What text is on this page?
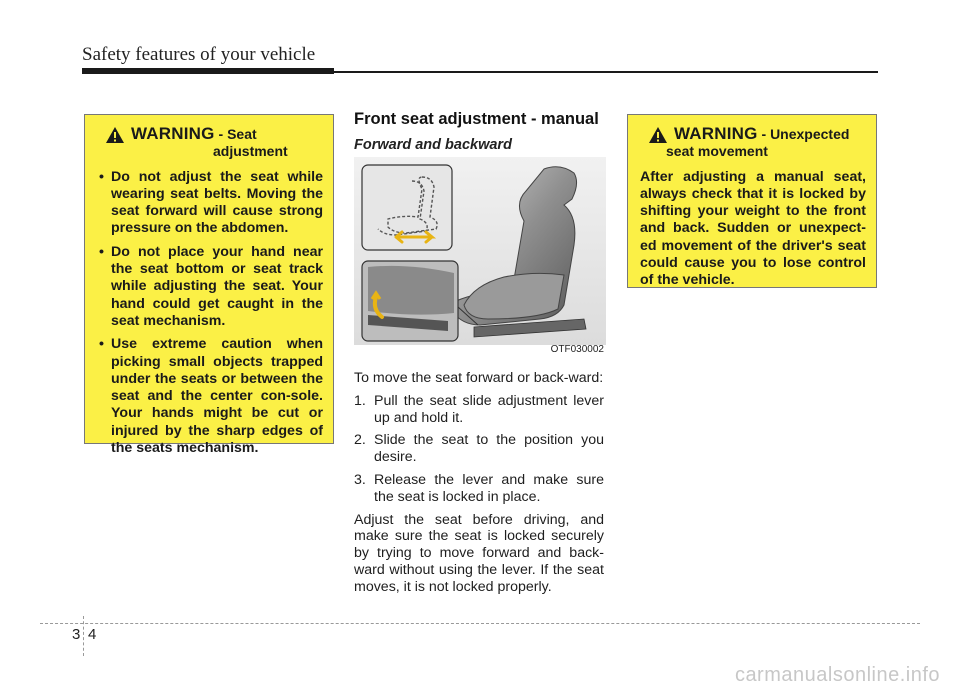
Safety features of your vehicle
WARNING - Seat
adjustment
• Do not adjust the seat while wearing seat belts. Moving the seat forward will cause strong pressure on the abdomen.
• Do not place your hand near the seat bottom or seat track while adjusting the seat. Your hand could get caught in the seat mechanism.
• Use extreme caution when picking small objects trapped under the seats or between the seat and the center con-sole. Your hands might be cut or injured by the sharp edges of the seats mechanism.
Front seat adjustment - manual
Forward and backward
OTF030002

To move the seat forward or back-ward:

1. Pull the seat slide adjustment lever up and hold it.
2. Slide the seat to the position you desire.
3. Release the lever and make sure the seat is locked in place.

Adjust the seat before driving, and make sure the seat is locked securely by trying to move forward and back-ward without using the lever. If the seat moves, it is not locked properly.

WARNING - Unexpected
seat movement
After adjusting a manual seat, always check that it is locked by shifting your weight to the front and back. Sudden or unexpect-ed movement of the driver's seat could cause you to lose control of the vehicle.
3 4
carmanualsonline.info
